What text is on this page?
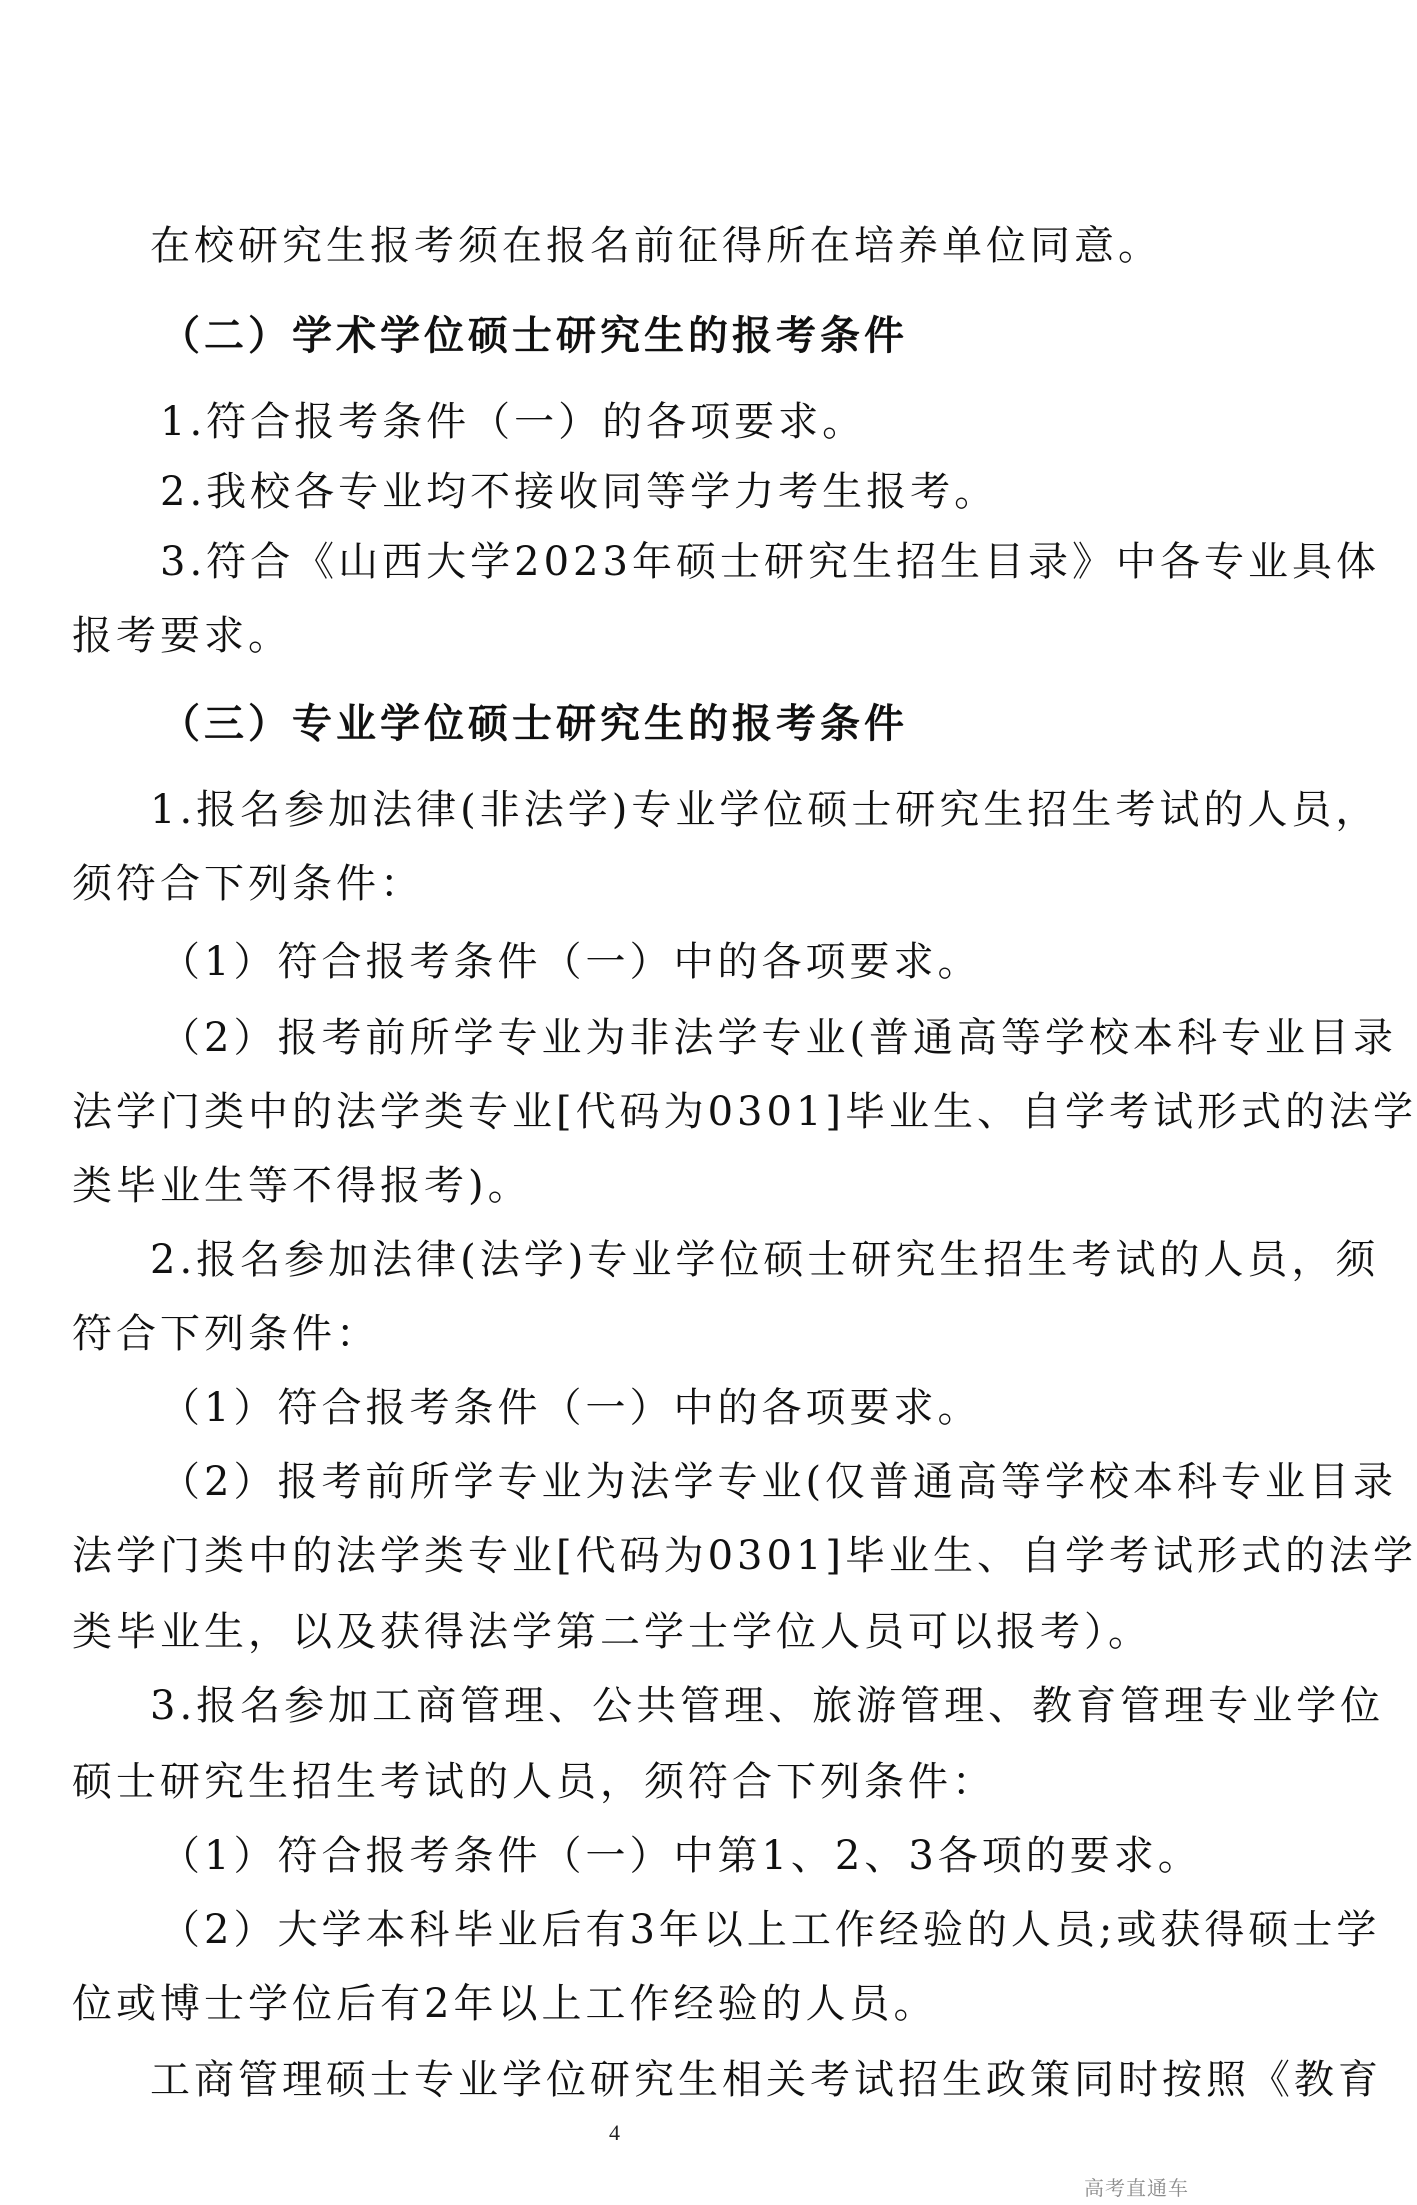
在校研究生报考须在报名前征得所在培养单位同意。
（二）学术学位硕士研究生的报考条件
1.符合报考条件（一）的各项要求。
2.我校各专业均不接收同等学力考生报考。
3.符合《山西大学2023年硕士研究生招生目录》中各专业具体
报考要求。
（三）专业学位硕士研究生的报考条件
1.报名参加法律(非法学)专业学位硕士研究生招生考试的人员，
须符合下列条件：
（1）符合报考条件（一）中的各项要求。
（2）报考前所学专业为非法学专业(普通高等学校本科专业目录
法学门类中的法学类专业[代码为0301]毕业生、自学考试形式的法学
类毕业生等不得报考)。
2.报名参加法律(法学)专业学位硕士研究生招生考试的人员，须
符合下列条件：
（1）符合报考条件（一）中的各项要求。
（2）报考前所学专业为法学专业(仅普通高等学校本科专业目录
法学门类中的法学类专业[代码为0301]毕业生、自学考试形式的法学
类毕业生，以及获得法学第二学士学位人员可以报考）。
3.报名参加工商管理、公共管理、旅游管理、教育管理专业学位
硕士研究生招生考试的人员，须符合下列条件：
（1）符合报考条件（一）中第1、2、3各项的要求。
（2）大学本科毕业后有3年以上工作经验的人员;或获得硕士学
位或博士学位后有2年以上工作经验的人员。
工商管理硕士专业学位研究生相关考试招生政策同时按照《教育
4
高考直通车
